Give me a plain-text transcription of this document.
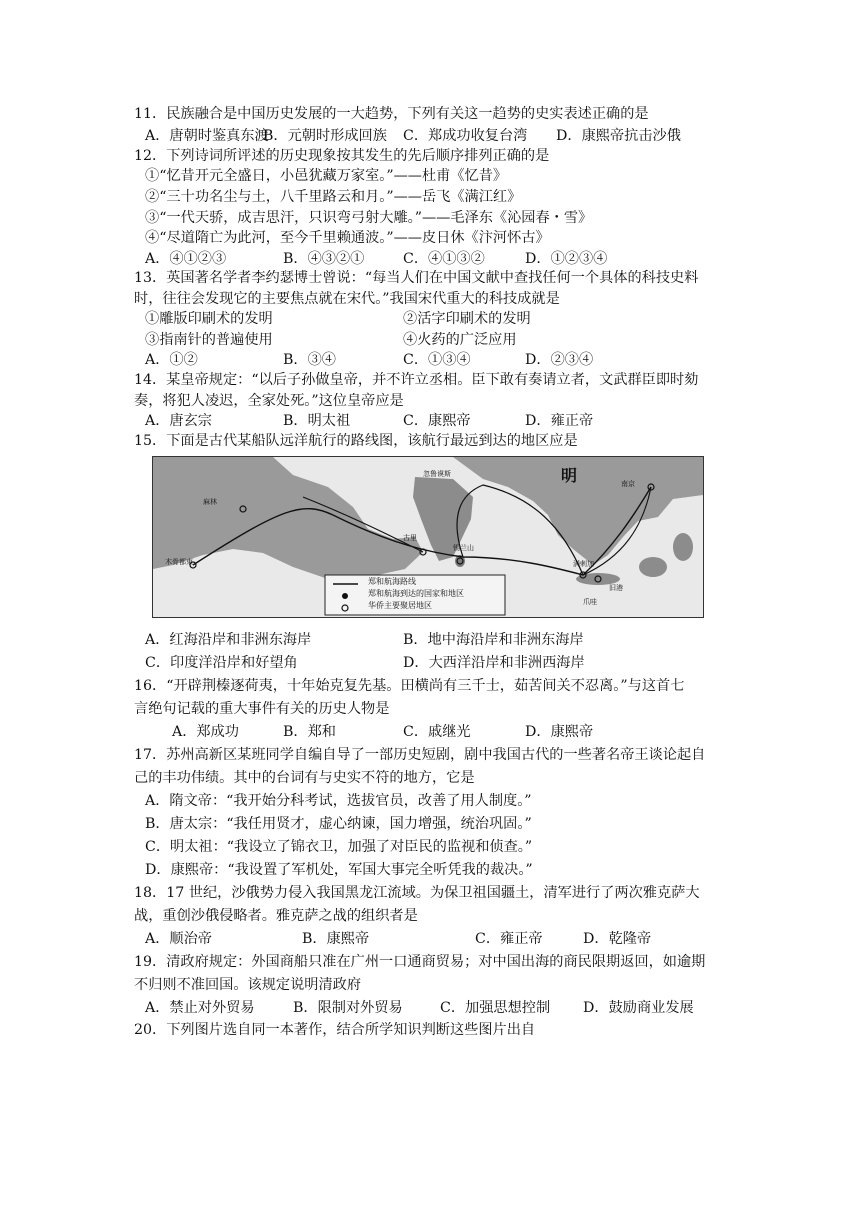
11．民族融合是中国历史发展的一大趋势，下列有关这一趋势的史实表述正确的是
A．唐朝时鉴真东渡
B．元朝时形成回族 C．郑成功收复台湾 D．康熙帝抗击沙俄
12．下列诗词所评述的历史现象按其发生的先后顺序排列正确的是
①“忆昔开元全盛日，小邑犹藏万家室。”——杜甫《忆昔》
②“三十功名尘与土，八千里路云和月。”——岳飞《满江红》
③“一代天骄，成吉思汗，只识弯弓射大雕。”——毛泽东《沁园春・雪》
④“尽道隋亡为此河，至今千里赖通波。”——皮日休《汴河怀古》
A．④①②③	B．④③②①	C．④①③②	D．①②③④
13．英国著名学者李约瑟博士曾说：“每当人们在中国文献中查找任何一个具体的科技史料
时，往往会发现它的主要焦点就在宋代。”我国宋代重大的科技成就是
①雕版印刷术的发明	②活字印刷术的发明
③指南针的普遍使用	④火药的广泛应用
A．①②	B．③④	C．①③④	D．②③④
14．某皇帝规定：“以后子孙做皇帝，并不许立丞相。臣下敢有奏请立者，文武群臣即时劾
奏，将犯人凌迟，全家处死。”这位皇帝应是
A．唐玄宗	B．明太祖	C．康熙帝	D．雍正帝
15．下面是古代某船队远洋航行的路线图，该航行最远到达的地区应是
明
郑和航海路线
郑和航海到达的国家和地区
华侨主要聚居地区
木骨都束
麻林
忽鲁谟斯
古里
锡兰山
满剌加
爪哇
旧港
南京
A．红海沿岸和非洲东海岸	B．地中海沿岸和非洲东海岸
C．印度洋沿岸和好望角	D．大西洋沿岸和非洲西海岸
16．“开辟荆榛逐荷夷，十年始克复先基。田横尚有三千士，茹苦间关不忍离。”与这首七
言绝句记载的重大事件有关的历史人物是
A．郑成功	B．郑和	C．戚继光	D．康熙帝
17．苏州高新区某班同学自编自导了一部历史短剧，剧中我国古代的一些著名帝王谈论起自
己的丰功伟绩。其中的台词有与史实不符的地方，它是
A．隋文帝：“我开始分科考试，选拔官员，改善了用人制度。”
B．唐太宗：“我任用贤才，虚心纳谏，国力增强，统治巩固。”
C．明太祖：“我设立了锦衣卫，加强了对臣民的监视和侦查。”
D．康熙帝：“我设置了军机处，军国大事完全听凭我的裁决。”
18．17 世纪，沙俄势力侵入我国黑龙江流域。为保卫祖国疆土，清军进行了两次雅克萨大
战，重创沙俄侵略者。雅克萨之战的组织者是
A．顺治帝	B．康熙帝	C．雍正帝	D．乾隆帝
19．清政府规定：外国商船只准在广州一口通商贸易；对中国出海的商民限期返回，如逾期
不归则不准回国。该规定说明清政府
A．禁止对外贸易	B．限制对外贸易	C．加强思想控制 D．鼓励商业发展
20．下列图片选自同一本著作，结合所学知识判断这些图片出自
